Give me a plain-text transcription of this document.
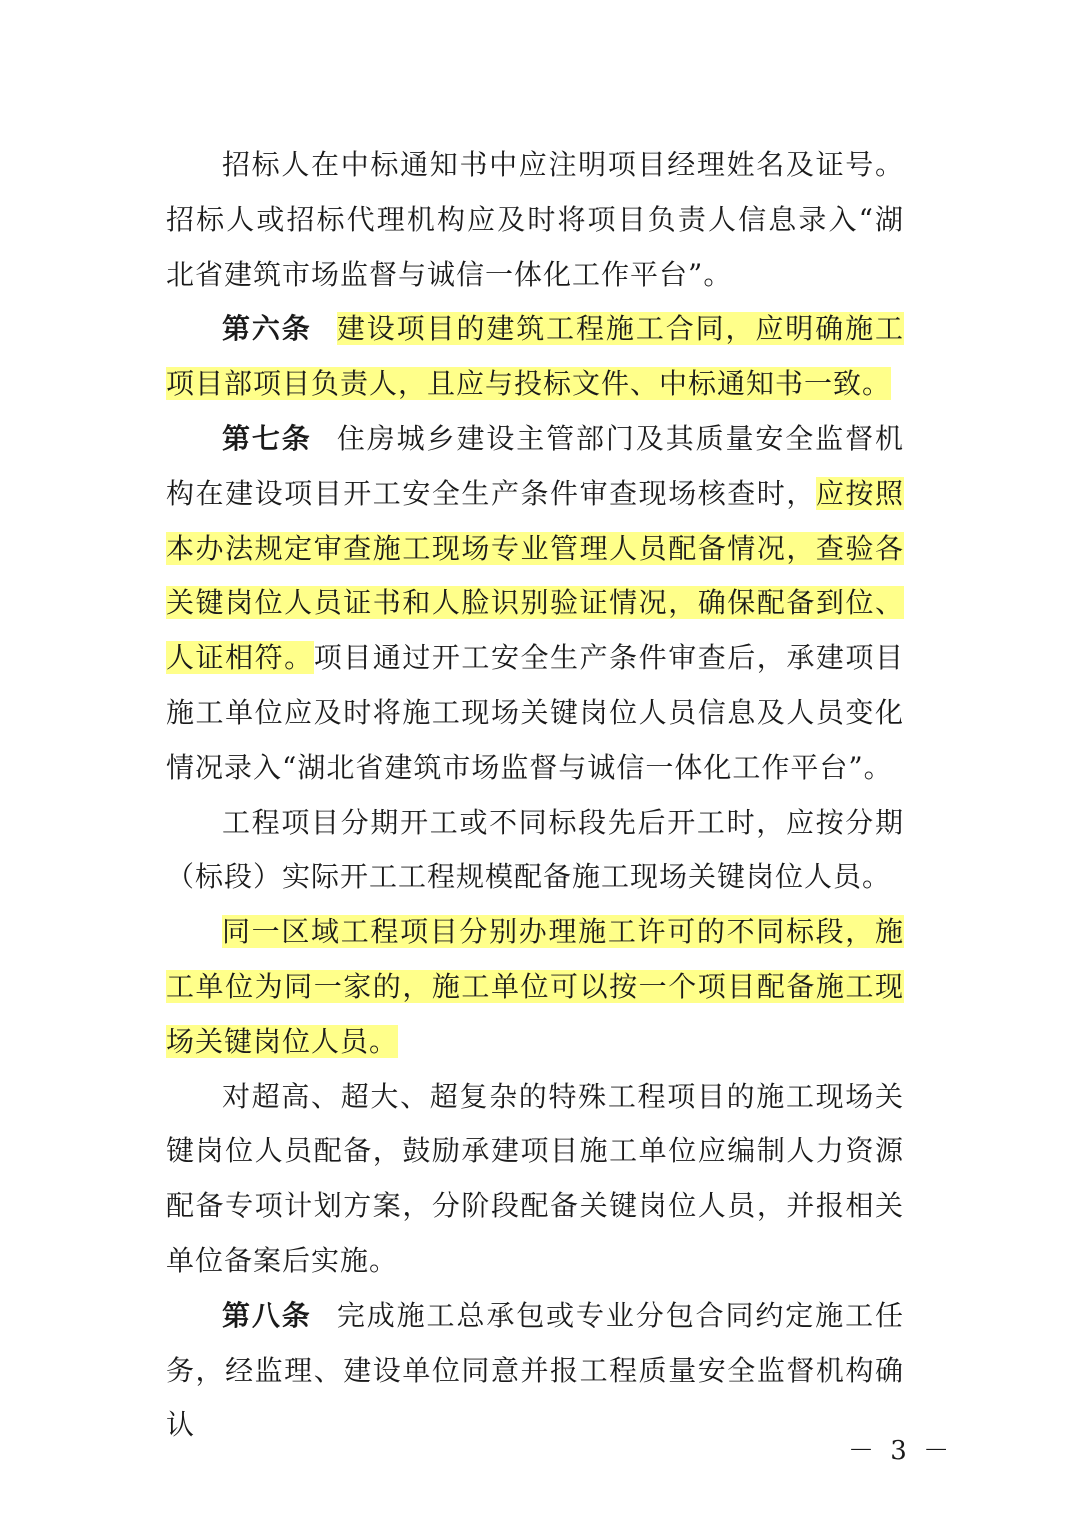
招标人在中标通知书中应注明项目经理姓名及证号。招标人或招标代理机构应及时将项目负责人信息录入“湖北省建筑市场监督与诚信一体化工作平台”。

第六条 建设项目的建筑工程施工合同，应明确施工项目部项目负责人，且应与投标文件、中标通知书一致。

第七条 住房城乡建设主管部门及其质量安全监督机构在建设项目开工安全生产条件审查现场核查时，应按照本办法规定审查施工现场专业管理人员配备情况，查验各关键岗位人员证书和人脸识别验证情况，确保配备到位、人证相符。项目通过开工安全生产条件审查后，承建项目施工单位应及时将施工现场关键岗位人员信息及人员变化情况录入“湖北省建筑市场监督与诚信一体化工作平台”。

工程项目分期开工或不同标段先后开工时，应按分期（标段）实际开工工程规模配备施工现场关键岗位人员。

同一区域工程项目分别办理施工许可的不同标段，施工单位为同一家的，施工单位可以按一个项目配备施工现场关键岗位人员。

对超高、超大、超复杂的特殊工程项目的施工现场关键岗位人员配备，鼓励承建项目施工单位应编制人力资源配备专项计划方案，分阶段配备关键岗位人员，并报相关单位备案后实施。

第八条 完成施工总承包或专业分包合同约定施工任务，经监理、建设单位同意并报工程质量安全监督机构确认

－ 3 －
